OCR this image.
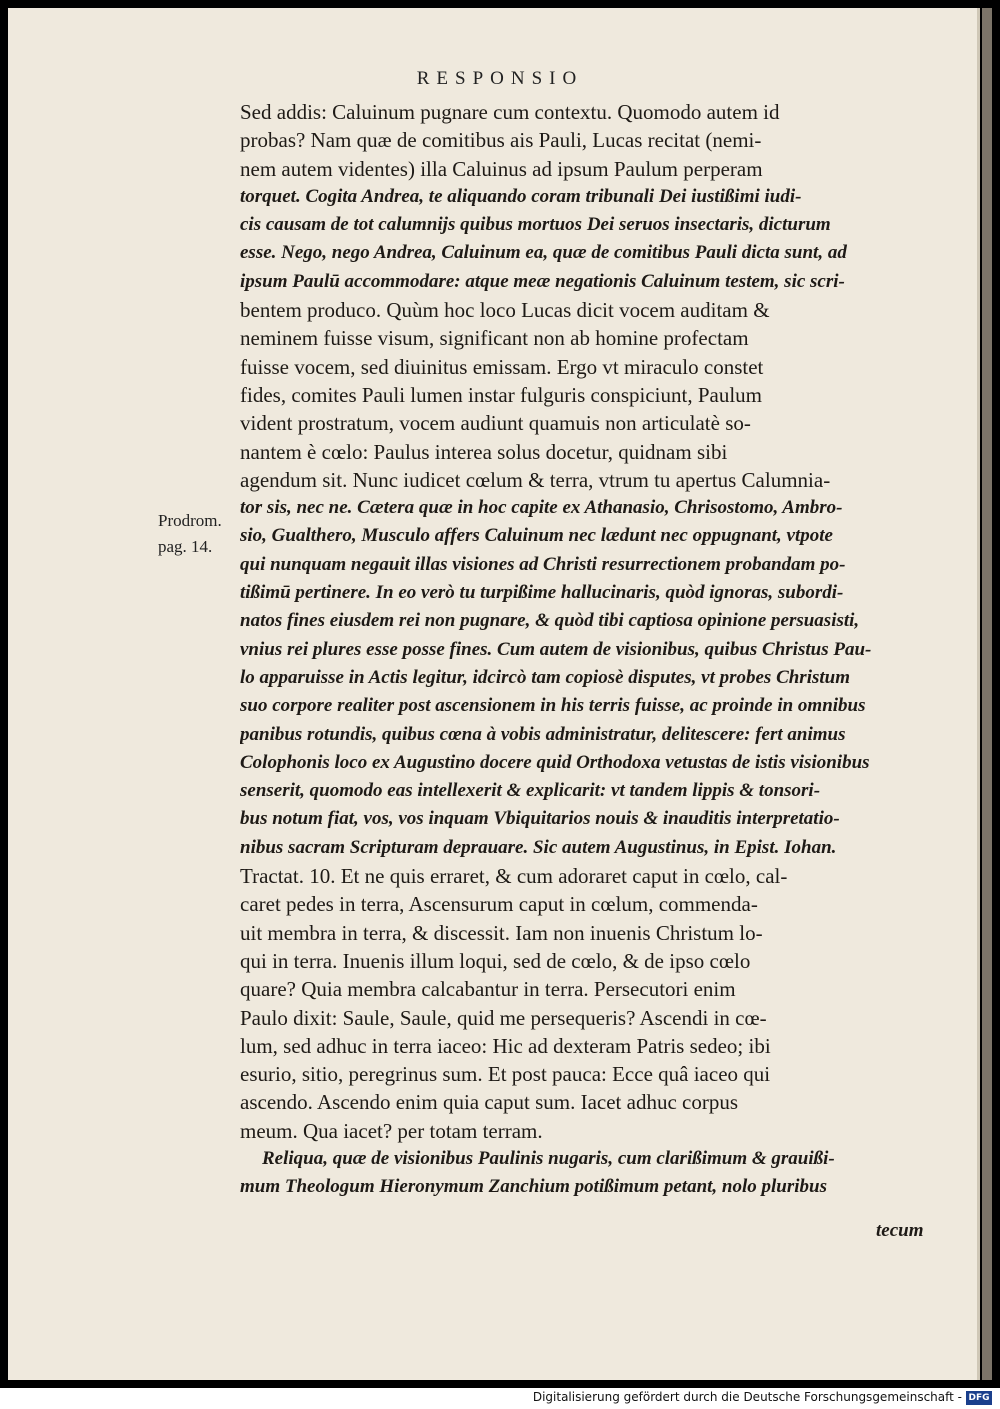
RESPONSIO
Sed addis: Caluinum pugnare cum contextu. Quomodo autem id
probas? Nam quæ de comitibus ais Pauli, Lucas recitat (nemi-
nem autem videntes) illa Caluinus ad ipsum Paulum perperam
torquet. Cogita Andrea, te aliquando coram tribunali Dei iustißimi iudi-
cis causam de tot calumnijs quibus mortuos Dei seruos insectaris, dicturum
esse. Nego, nego Andrea, Caluinum ea, quæ de comitibus Pauli dicta sunt, ad
ipsum Paulū accommodare: atque meæ negationis Caluinum testem, sic scri-
bentem produco. Quùm hoc loco Lucas dicit vocem auditam &
neminem fuisse visum, significant non ab homine profectam
fuisse vocem, sed diuinitus emissam. Ergo vt miraculo constet
fides, comites Pauli lumen instar fulguris conspiciunt, Paulum
vident prostratum, vocem audiunt quamuis non articulatè so-
nantem è cœlo: Paulus interea solus docetur, quidnam sibi
agendum sit. Nunc iudicet cœlum & terra, vtrum tu apertus Calumnia-
tor sis, nec ne. Cætera quæ in hoc capite ex Athanasio, Chrisostomo, Ambro-
sio, Gualthero, Musculo affers Caluinum nec lædunt nec oppugnant, vtpote
qui nunquam negauit illas visiones ad Christi resurrectionem probandam po-
tißimū pertinere. In eo verò tu turpißime hallucinaris, quòd ignoras, subordi-
natos fines eiusdem rei non pugnare, & quòd tibi captiosa opinione persuasisti,
vnius rei plures esse posse fines. Cum autem de visionibus, quibus Christus Pau-
lo apparuisse in Actis legitur, idcircò tam copiosè disputes, vt probes Christum
suo corpore realiter post ascensionem in his terris fuisse, ac proinde in omnibus
panibus rotundis, quibus cœna à vobis administratur, delitescere: fert animus
Colophonis loco ex Augustino docere quid Orthodoxa vetustas de istis visionibus
senserit, quomodo eas intellexerit & explicarit: vt tandem lippis & tonsori-
bus notum fiat, vos, vos inquam Vbiquitarios nouis & inauditis interpretatio-
nibus sacram Scripturam deprauare. Sic autem Augustinus, in Epist. Iohan.
Tractat. 10. Et ne quis erraret, & cum adoraret caput in cœlo, cal-
caret pedes in terra, Ascensurum caput in cœlum, commenda-
uit membra in terra, & discessit. Iam non inuenis Christum lo-
qui in terra. Inuenis illum loqui, sed de cœlo, & de ipso cœlo
quare? Quia membra calcabantur in terra. Persecutori enim
Paulo dixit: Saule, Saule, quid me persequeris? Ascendi in cœ-
lum, sed adhuc in terra iaceo: Hic ad dexteram Patris sedeo; ibi
esurio, sitio, peregrinus sum. Et post pauca: Ecce quâ iaceo qui
ascendo. Ascendo enim quia caput sum. Iacet adhuc corpus
meum. Qua iacet? per totam terram.
Reliqua, quæ de visionibus Paulinis nugaris, cum clarißimum & grauißi-
mum Theologum Hieronymum Zanchium potißimum petant, nolo pluribus
Prodrom.
pag. 14.
tecum
Digitalisierung gefördert durch die Deutsche Forschungsgemeinschaft - DFG
